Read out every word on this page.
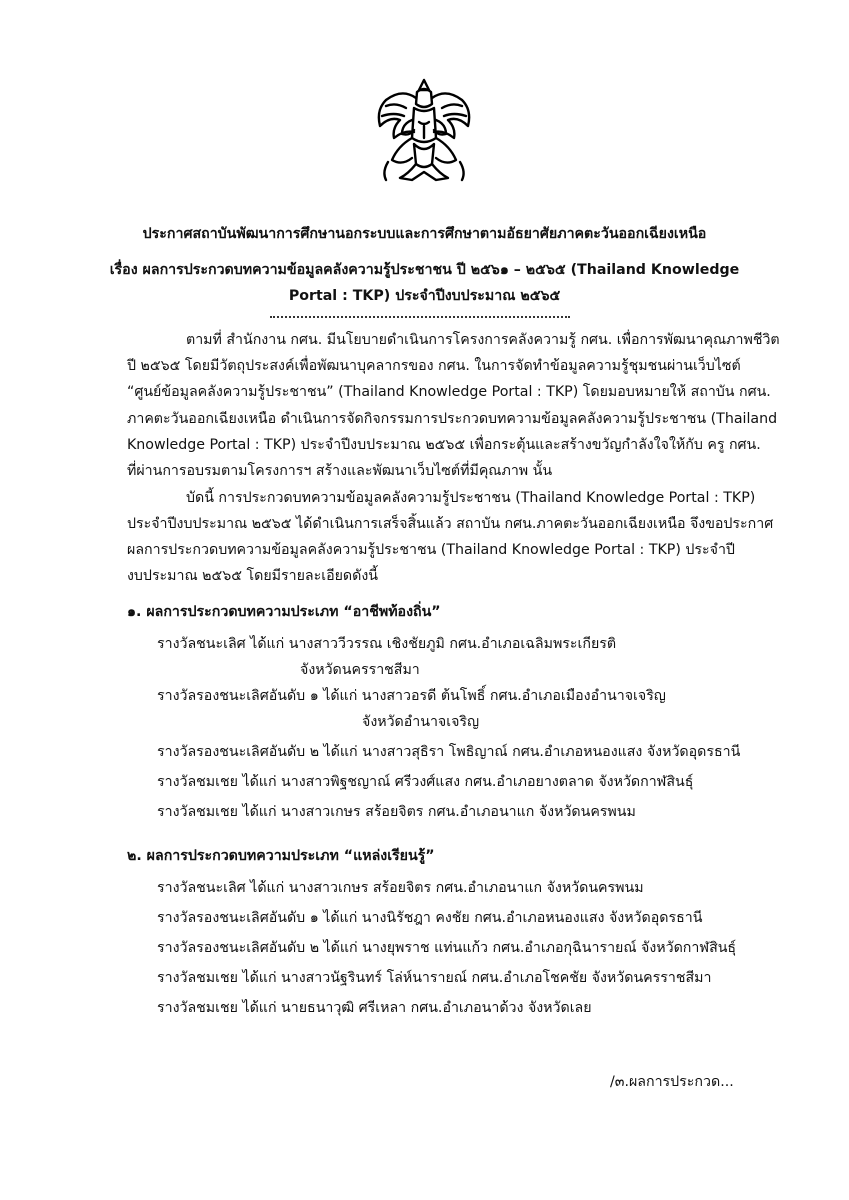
ประกาศสถาบันพัฒนาการศึกษานอกระบบและการศึกษาตามอัธยาศัยภาคตะวันออกเฉียงเหนือ
เรื่อง ผลการประกวดบทความข้อมูลคลังความรู้ประชาชน ปี ๒๕๖๑ – ๒๕๖๕ (Thailand Knowledge
Portal : TKP) ประจำปีงบประมาณ ๒๕๖๕
ตามที่ สำนักงาน กศน. มีนโยบายดำเนินการโครงการคลังความรู้ กศน. เพื่อการพัฒนาคุณภาพชีวิต
ปี ๒๕๖๕ โดยมีวัตถุประสงค์เพื่อพัฒนาบุคลากรของ กศน. ในการจัดทำข้อมูลความรู้ชุมชนผ่านเว็บไซต์
“ศูนย์ข้อมูลคลังความรู้ประชาชน” (Thailand Knowledge Portal : TKP) โดยมอบหมายให้ สถาบัน กศน.
ภาคตะวันออกเฉียงเหนือ ดำเนินการจัดกิจกรรมการประกวดบทความข้อมูลคลังความรู้ประชาชน (Thailand
Knowledge Portal : TKP) ประจำปีงบประมาณ ๒๕๖๕ เพื่อกระตุ้นและสร้างขวัญกำลังใจให้กับ ครู กศน.
ที่ผ่านการอบรมตามโครงการฯ สร้างและพัฒนาเว็บไซต์ที่มีคุณภาพ นั้น
บัดนี้ การประกวดบทความข้อมูลคลังความรู้ประชาชน (Thailand Knowledge Portal : TKP)
ประจำปีงบประมาณ ๒๕๖๕ ได้ดำเนินการเสร็จสิ้นแล้ว สถาบัน กศน.ภาคตะวันออกเฉียงเหนือ จึงขอประกาศ
ผลการประกวดบทความข้อมูลคลังความรู้ประชาชน (Thailand Knowledge Portal : TKP) ประจำปี
งบประมาณ ๒๕๖๕ โดยมีรายละเอียดดังนี้
๑. ผลการประกวดบทความประเภท “อาชีพท้องถิ่น”
รางวัลชนะเลิศ ได้แก่ นางสาววีวรรณ เชิงชัยภูมิ กศน.อำเภอเฉลิมพระเกียรติ
จังหวัดนครราชสีมา
รางวัลรองชนะเลิศอันดับ ๑ ได้แก่ นางสาวอรดี ต้นโพธิ์ กศน.อำเภอเมืองอำนาจเจริญ
จังหวัดอำนาจเจริญ
รางวัลรองชนะเลิศอันดับ ๒ ได้แก่ นางสาวสุธิรา โพธิญาณ์ กศน.อำเภอหนองแสง จังหวัดอุดรธานี
รางวัลชมเชย ได้แก่ นางสาวพิฐชญาณ์ ศรีวงศ์แสง กศน.อำเภอยางตลาด จังหวัดกาฬสินธุ์
รางวัลชมเชย ได้แก่ นางสาวเกษร สร้อยจิตร กศน.อำเภอนาแก จังหวัดนครพนม
๒. ผลการประกวดบทความประเภท “แหล่งเรียนรู้”
รางวัลชนะเลิศ ได้แก่ นางสาวเกษร สร้อยจิตร กศน.อำเภอนาแก จังหวัดนครพนม
รางวัลรองชนะเลิศอันดับ ๑ ได้แก่ นางนิรัชฎา คงชัย กศน.อำเภอหนองแสง จังหวัดอุดรธานี
รางวัลรองชนะเลิศอันดับ ๒ ได้แก่ นางยุพราช แท่นแก้ว กศน.อำเภอกุฉินารายณ์ จังหวัดกาฬสินธุ์
รางวัลชมเชย ได้แก่ นางสาวนัฐรินทร์ โล่ห์นารายณ์ กศน.อำเภอโชคชัย จังหวัดนครราชสีมา
รางวัลชมเชย ได้แก่ นายธนาวุฒิ ศรีเหลา กศน.อำเภอนาด้วง จังหวัดเลย
/๓.ผลการประกวด...
